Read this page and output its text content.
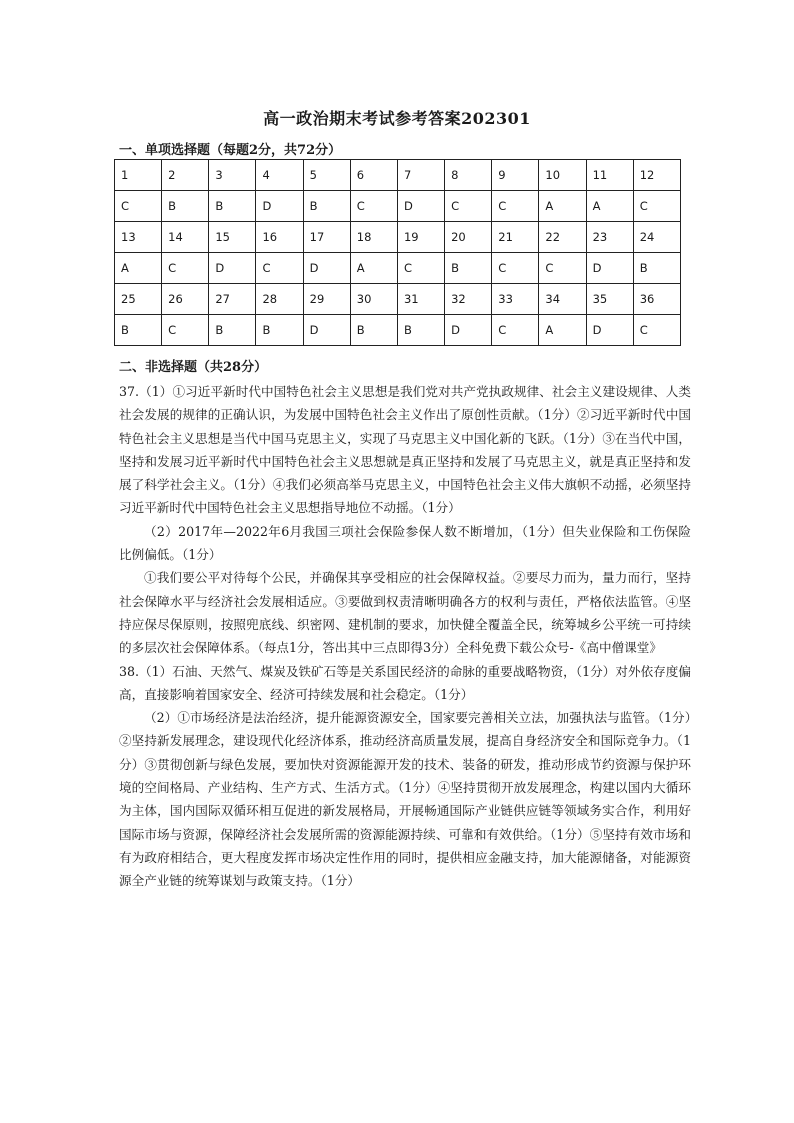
高一政治期末考试参考答案202301
一、单项选择题（每题2分，共72分）
1	2	3	4	5	6	7	8	9	10	11	12
C	B	B	D	B	C	D	C	C	A	A	C
13	14	15	16	17	18	19	20	21	22	23	24
A	C	D	C	D	A	C	B	C	C	D	B
25	26	27	28	29	30	31	32	33	34	35	36
B	C	B	B	D	B	B	D	C	A	D	C
二、非选择题（共28分）

37.（1）①习近平新时代中国特色社会主义思想是我们党对共产党执政规律、社会主义建设规律、人类社会发展的规律的正确认识，为发展中国特色社会主义作出了原创性贡献。（1分）②习近平新时代中国特色社会主义思想是当代中国马克思主义，实现了马克思主义中国化新的飞跃。（1分）③在当代中国，坚持和发展习近平新时代中国特色社会主义思想就是真正坚持和发展了马克思主义，就是真正坚持和发展了科学社会主义。（1分）④我们必须高举马克思主义，中国特色社会主义伟大旗帜不动摇，必须坚持习近平新时代中国特色社会主义思想指导地位不动摇。（1分）

（2）2017年—2022年6月我国三项社会保险参保人数不断增加，（1分）但失业保险和工伤保险比例偏低。（1分）

①我们要公平对待每个公民，并确保其享受相应的社会保障权益。②要尽力而为，量力而行，坚持社会保障水平与经济社会发展相适应。③要做到权责清晰明确各方的权利与责任，严格依法监管。④坚持应保尽保原则，按照兜底线、织密网、建机制的要求，加快健全覆盖全民，统筹城乡公平统一可持续的多层次社会保障体系。（每点1分，答出其中三点即得3分）全科免费下载公众号-《高中僧课堂》

38.（1）石油、天然气、煤炭及铁矿石等是关系国民经济的命脉的重要战略物资，（1分）对外依存度偏高，直接影响着国家安全、经济可持续发展和社会稳定。（1分）

（2）①市场经济是法治经济，提升能源资源安全，国家要完善相关立法，加强执法与监管。（1分）②坚持新发展理念，建设现代化经济体系，推动经济高质量发展，提高自身经济安全和国际竞争力。（1分）③贯彻创新与绿色发展，要加快对资源能源开发的技术、装备的研发，推动形成节约资源与保护环境的空间格局、产业结构、生产方式、生活方式。（1分）④坚持贯彻开放发展理念，构建以国内大循环为主体，国内国际双循环相互促进的新发展格局，开展畅通国际产业链供应链等领域务实合作，利用好国际市场与资源，保障经济社会发展所需的资源能源持续、可靠和有效供给。（1分）⑤坚持有效市场和有为政府相结合，更大程度发挥市场决定性作用的同时，提供相应金融支持，加大能源储备，对能源资源全产业链的统筹谋划与政策支持。（1分）
